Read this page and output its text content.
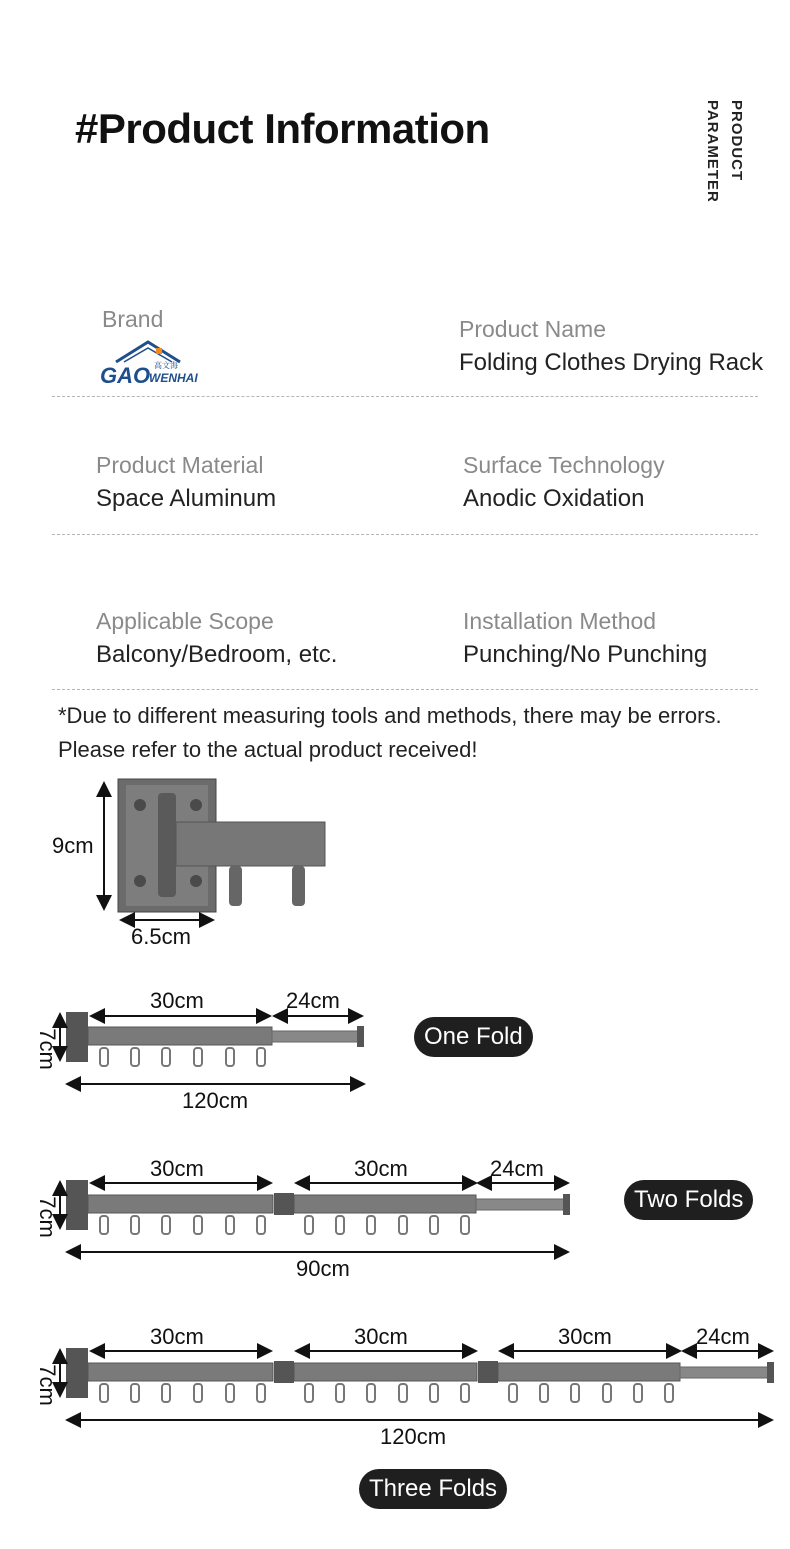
#Product Information	PARAMETER PRODUCT
Brand
GAO
WENHAI
高文海
Product Name
Folding Clothes Drying Rack
Product Material
Space Aluminum
Surface Technology
Anodic Oxidation
Applicable Scope
Balcony/Bedroom, etc.
Installation Method
Punching/No Punching
*Due to different measuring tools and methods, there may be errors.
Please refer to the actual product received!
9cm
6.5cm
30cm	24cm
7cm
120cm
One Fold
30cm	30cm	24cm
7cm
90cm
Two Folds
30cm	30cm	30cm	24cm
7cm
120cm
Three Folds
